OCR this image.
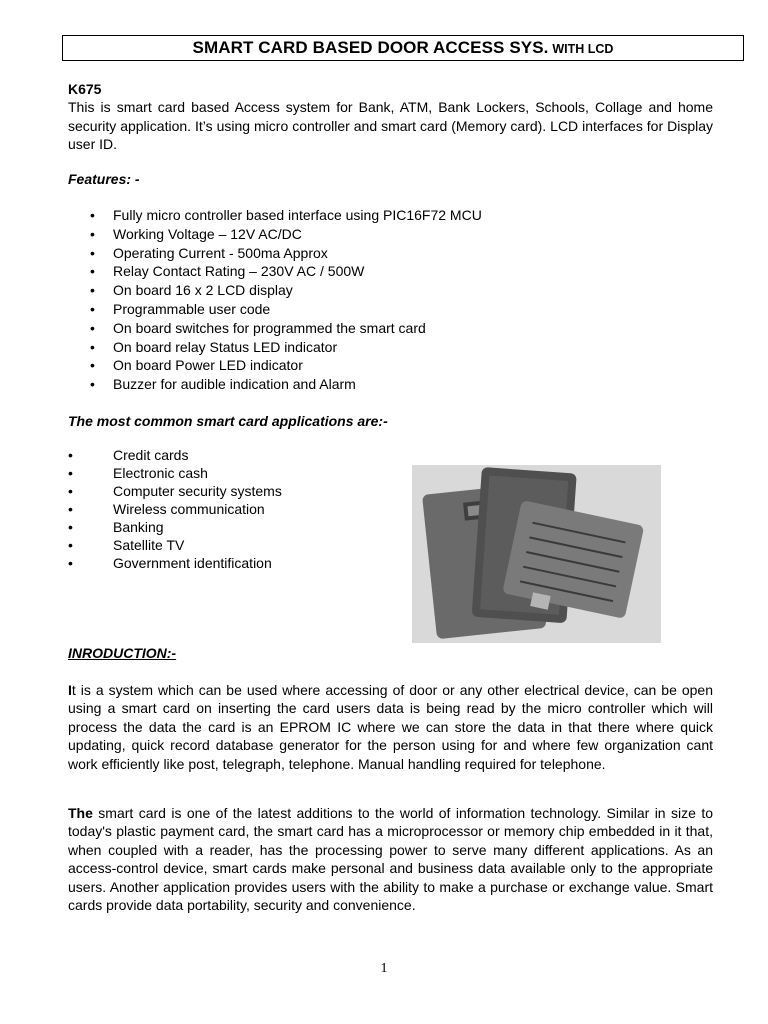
SMART CARD BASED DOOR ACCESS SYS. WITH LCD
K675

This is smart card based Access system for Bank, ATM, Bank Lockers, Schools, Collage and home security application. It’s using micro controller and smart card (Memory card). LCD interfaces for Display user ID.

Features: -
• Fully micro controller based interface using PIC16F72 MCU
• Working Voltage – 12V AC/DC
• Operating Current - 500ma Approx
• Relay Contact Rating – 230V AC / 500W
• On board 16 x 2 LCD display
• Programmable user code
• On board switches for programmed the smart card
• On board relay Status LED indicator
• On board Power LED indicator
• Buzzer for audible indication and Alarm
The most common smart card applications are:-
•	Credit cards
•	Electronic cash
•	Computer security systems
•	Wireless communication
•	Banking
•	Satellite TV
•	Government identification
INRODUCTION:-

It is a system which can be used where accessing of door or any other electrical device, can be open using a smart card on inserting the card users data is being read by the micro controller which will process the data the card is an EPROM IC where we can store the data in that there where quick updating, quick record database generator for the person using for and where few organization cant work efficiently like post, telegraph, telephone. Manual handling required for telephone.

The smart card is one of the latest additions to the world of information technology. Similar in size to today's plastic payment card, the smart card has a microprocessor or memory chip embedded in it that, when coupled with a reader, has the processing power to serve many different applications. As an access-control device, smart cards make personal and business data available only to the appropriate users. Another application provides users with the ability to make a purchase or exchange value. Smart cards provide data portability, security and convenience.

1
